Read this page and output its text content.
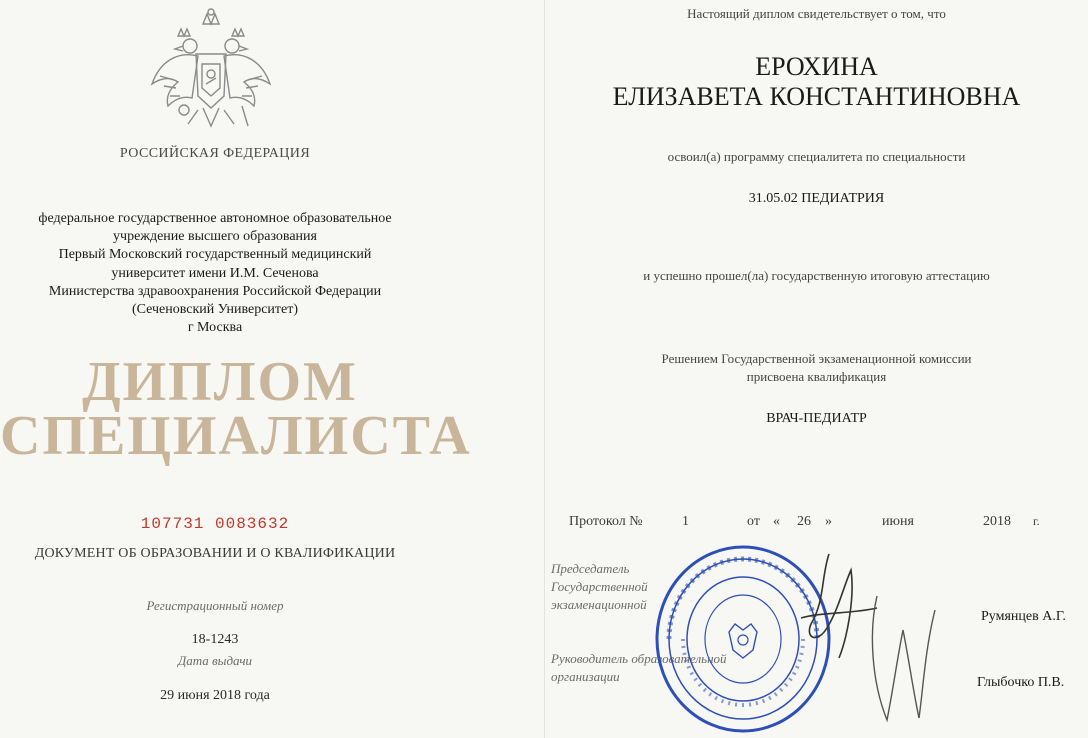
РОССИЙСКАЯ ФЕДЕРАЦИЯ
федеральное государственное автономное образовательное
учреждение высшего образования
Первый Московский государственный медицинский
университет имени И.М. Сеченова
Министерства здравоохранения Российской Федерации
(Сеченовский Университет)
г Москва
ДИПЛОМ
СПЕЦИАЛИСТА
107731 0083632
ДОКУМЕНТ ОБ ОБРАЗОВАНИИ И О КВАЛИФИКАЦИИ
Регистрационный номер
18-1243
Дата выдачи
29 июня 2018 года
Настоящий диплом свидетельствует о том, что
ЕРОХИНА
ЕЛИЗАВЕТА КОНСТАНТИНОВНА
освоил(а) программу специалитета по специальности
31.05.02 ПЕДИАТРИЯ
и успешно прошел(ла) государственную итоговую аттестацию
Решением Государственной экзаменационной комиссии
присвоена квалификация
ВРАЧ-ПЕДИАТР
Протокол №	1	от « 26 »	июня	2018 г.
Председатель
Государственной
экзаменационной
Румянцев А.Г.
Руководитель образовательной
организации	Глыбочко П.В.
